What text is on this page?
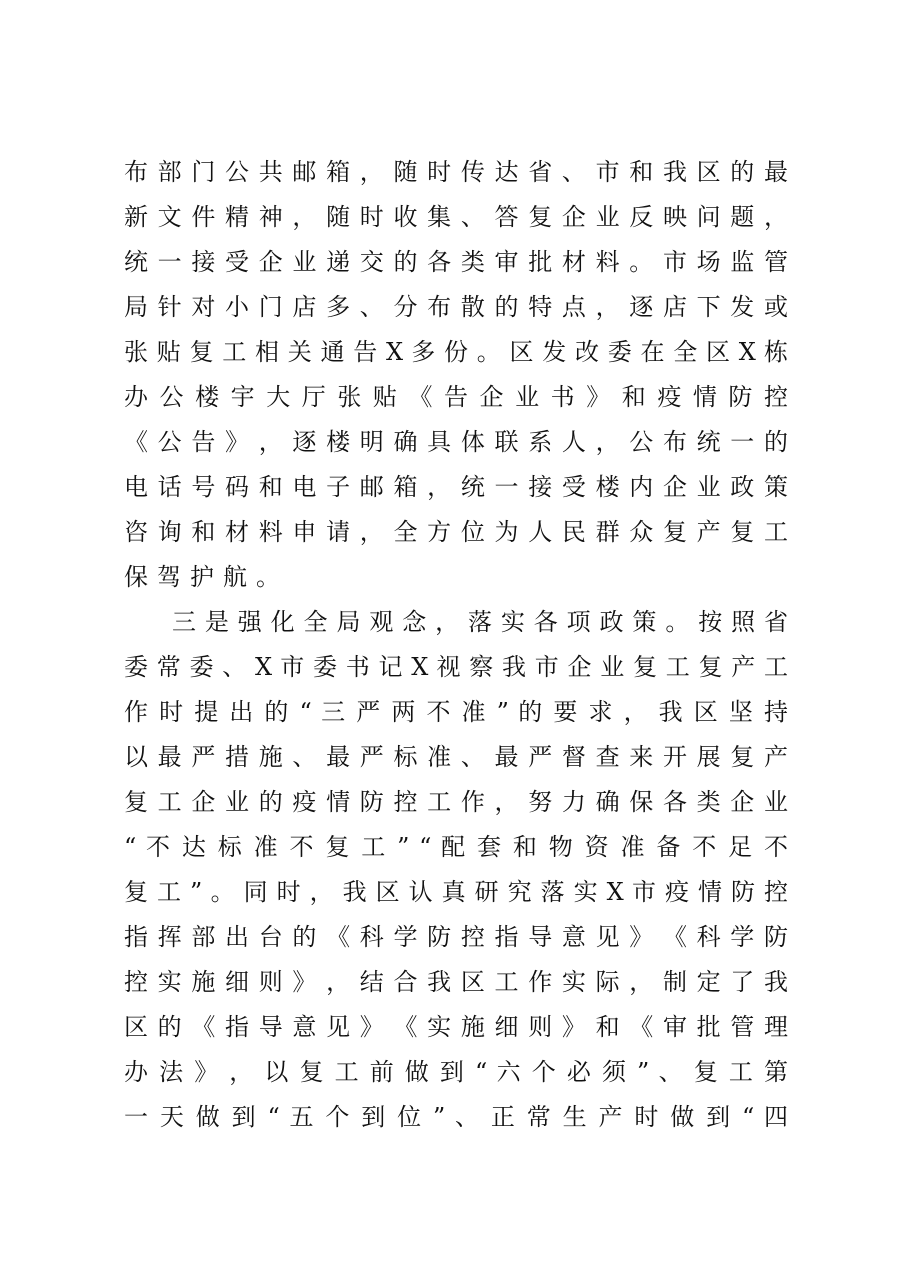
布 部 门 公 共 邮 箱 ， 随 时 传 达 省 、 市 和 我 区 的 最
新 文 件 精 神 ， 随 时 收 集 、 答 复 企 业 反 映 问 题 ，
统 一 接 受 企 业 递 交 的 各 类 审 批 材 料 。 市 场 监 管
局 针 对 小 门 店 多 、 分 布 散 的 特 点 ， 逐 店 下 发 或
张 贴 复 工 相 关 通 告 X 多 份 。 区 发 改 委 在 全 区 X 栋
办 公 楼 宇 大 厅 张 贴 《 告 企 业 书 》 和 疫 情 防 控
《 公 告 》 ， 逐 楼 明 确 具 体 联 系 人 ， 公 布 统 一 的
电 话 号 码 和 电 子 邮 箱 ， 统 一 接 受 楼 内 企 业 政 策
咨 询 和 材 料 申 请 ， 全 方 位 为 人 民 群 众 复 产 复 工
保驾护航。
三 是 强 化 全 局 观 念 ， 落 实 各 项 政 策 。 按 照 省
委 常 委 、 X 市 委 书 记 X 视 察 我 市 企 业 复 工 复 产 工
作 时 提 出 的 “ 三 严 两 不 准 ” 的 要 求 ， 我 区 坚 持
以 最 严 措 施 、 最 严 标 准 、 最 严 督 查 来 开 展 复 产
复 工 企 业 的 疫 情 防 控 工 作 ， 努 力 确 保 各 类 企 业
“ 不 达 标 准 不 复 工 ” “ 配 套 和 物 资 准 备 不 足 不
复 工 ” 。 同 时 ， 我 区 认 真 研 究 落 实 X 市 疫 情 防 控
指 挥 部 出 台 的 《 科 学 防 控 指 导 意 见 》 《 科 学 防
控 实 施 细 则 》 ， 结 合 我 区 工 作 实 际 ， 制 定 了 我
区 的 《 指 导 意 见 》 《 实 施 细 则 》 和 《 审 批 管 理
办 法 》 ， 以 复 工 前 做 到 “ 六 个 必 须 ” 、 复 工 第
一 天 做 到 “ 五 个 到 位 ” 、 正 常 生 产 时 做 到 “ 四
